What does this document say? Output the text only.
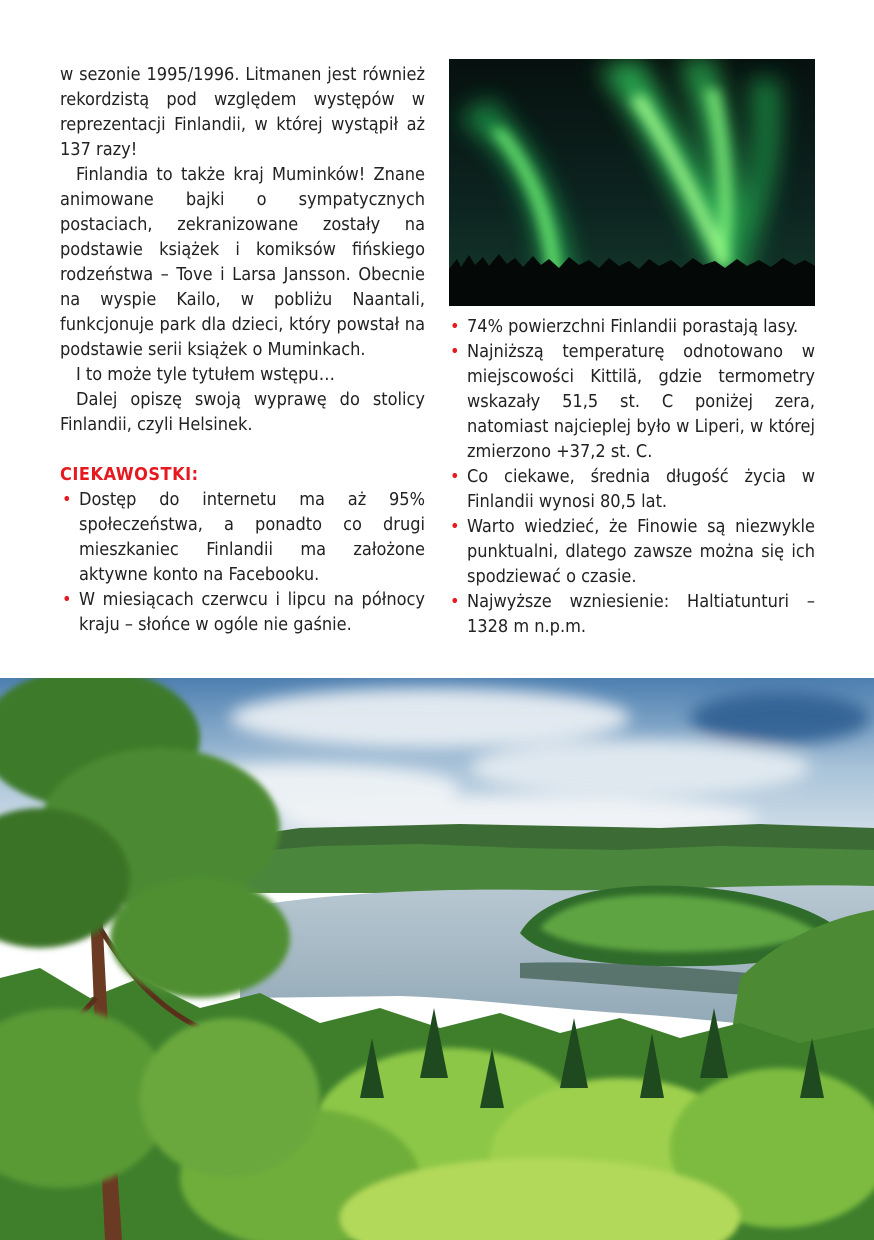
w sezonie 1995/1996. Litmanen jest również rekordzistą pod względem występów w reprezentacji Finlandii, w której wystąpił aż 137 razy!

Finlandia to także kraj Muminków! Znane animowane bajki o sympatycznych postaciach, zekranizowane zostały na podstawie książek i komiksów fińskiego rodzeństwa – Tove i Larsa Jansson. Obecnie na wyspie Kailo, w pobliżu Naantali, funkcjonuje park dla dzieci, który powstał na podstawie serii książek o Muminkach.

I to może tyle tytułem wstępu…

Dalej opiszę swoją wyprawę do stolicy Finlandii, czyli Helsinek.

CIEKAWOSTKI:

• Dostęp do internetu ma aż 95% społeczeństwa, a ponadto co drugi mieszkaniec Finlandii ma założone aktywne konto na Facebooku.
• W miesiącach czerwcu i lipcu na północy kraju – słońce w ogóle nie gaśnie.
• 74% powierzchni Finlandii porastają lasy.
• Najniższą temperaturę odnotowano w miejscowości Kittilä, gdzie termometry wskazały 51,5 st. C poniżej zera, natomiast najcieplej było w Liperi, w której zmierzono +37,2 st. C.
• Co ciekawe, średnia długość życia w Finlandii wynosi 80,5 lat.
• Warto wiedzieć, że Finowie są niezwykle punktualni, dlatego zawsze można się ich spodziewać o czasie.
• Najwyższe wzniesienie: Haltiatunturi – 1328 m n.p.m.
